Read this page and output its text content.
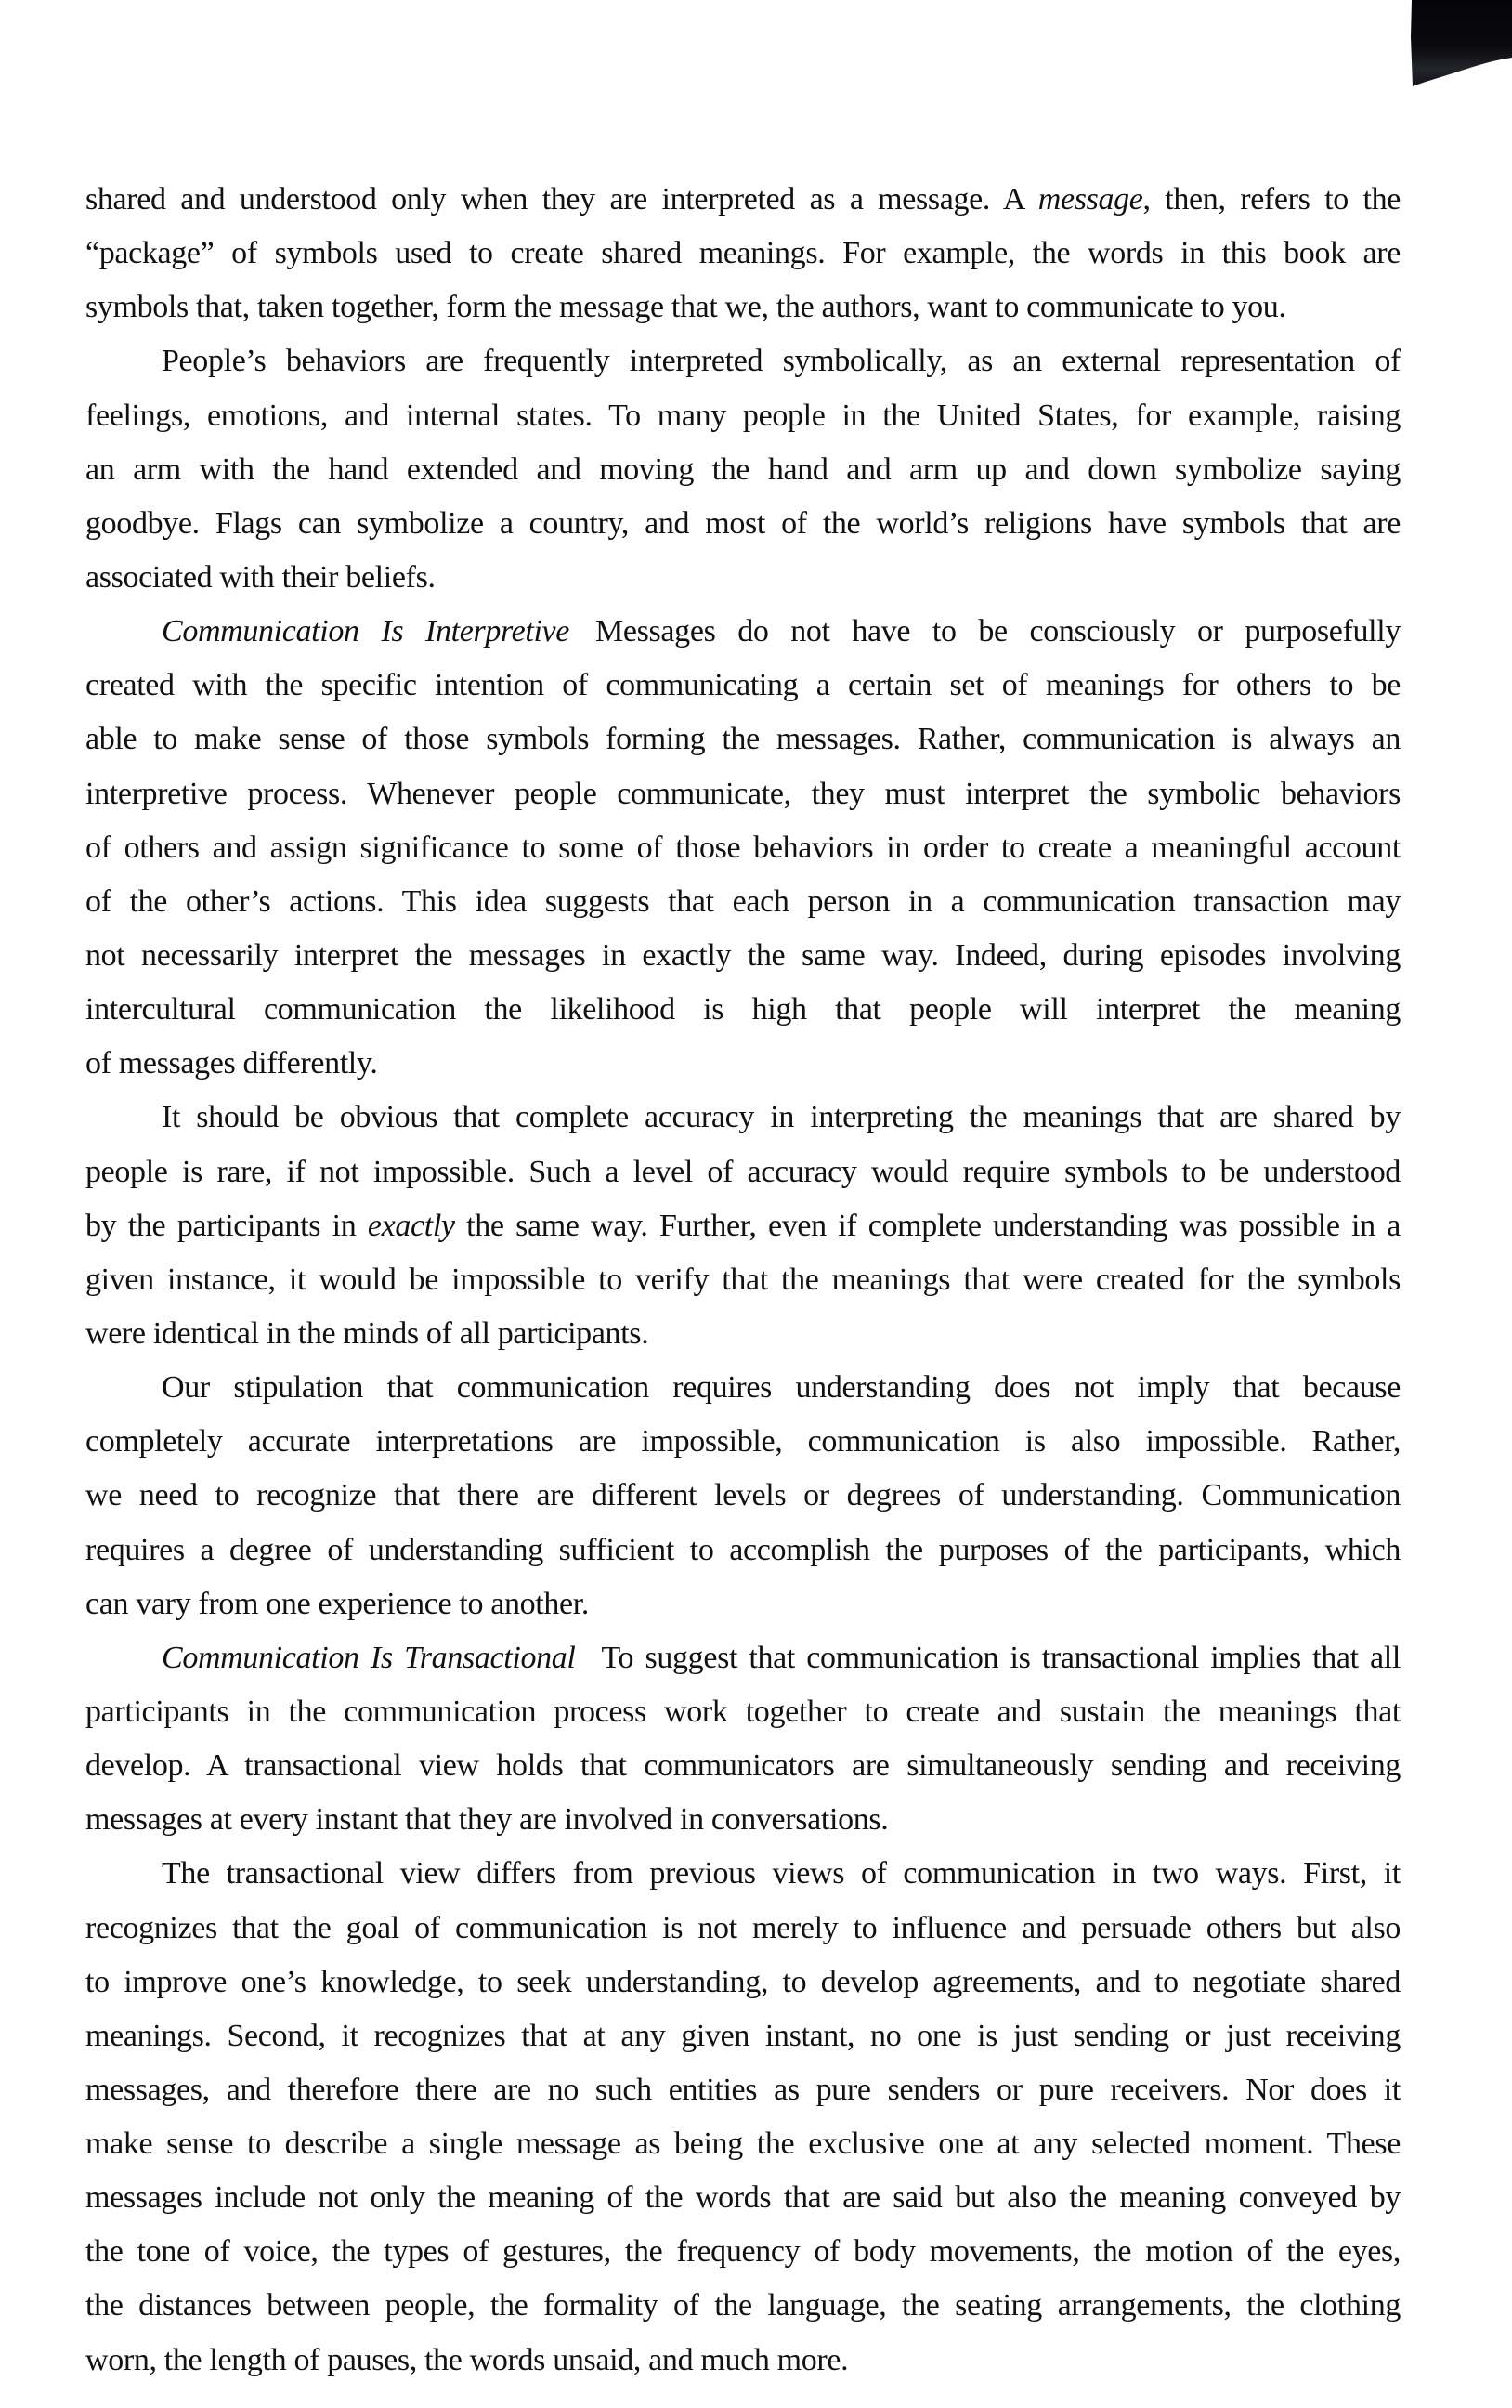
shared and understood only when they are interpreted as a message. A message, then, refers to the
“package” of symbols used to create shared meanings. For example, the words in this book are
symbols that, taken together, form the message that we, the authors, want to communicate to you.
People’s behaviors are frequently interpreted symbolically, as an external representation of
feelings, emotions, and internal states. To many people in the United States, for example, raising
an arm with the hand extended and moving the hand and arm up and down symbolize saying
goodbye. Flags can symbolize a country, and most of the world’s religions have symbols that are
associated with their beliefs.
Communication Is Interpretive Messages do not have to be consciously or purposefully
created with the specific intention of communicating a certain set of meanings for others to be
able to make sense of those symbols forming the messages. Rather, communication is always an
interpretive process. Whenever people communicate, they must interpret the symbolic behaviors
of others and assign significance to some of those behaviors in order to create a meaningful account
of the other’s actions. This idea suggests that each person in a communication transaction may
not necessarily interpret the messages in exactly the same way. Indeed, during episodes involving
intercultural communication the likelihood is high that people will interpret the meaning
of messages differently.
It should be obvious that complete accuracy in interpreting the meanings that are shared by
people is rare, if not impossible. Such a level of accuracy would require symbols to be understood
by the participants in exactly the same way. Further, even if complete understanding was possible in a
given instance, it would be impossible to verify that the meanings that were created for the symbols
were identical in the minds of all participants.
Our stipulation that communication requires understanding does not imply that because
completely accurate interpretations are impossible, communication is also impossible. Rather,
we need to recognize that there are different levels or degrees of understanding. Communication
requires a degree of understanding sufficient to accomplish the purposes of the participants, which
can vary from one experience to another.
Communication Is Transactional To suggest that communication is transactional implies that all
participants in the communication process work together to create and sustain the meanings that
develop. A transactional view holds that communicators are simultaneously sending and receiving
messages at every instant that they are involved in conversations.
The transactional view differs from previous views of communication in two ways. First, it
recognizes that the goal of communication is not merely to influence and persuade others but also
to improve one’s knowledge, to seek understanding, to develop agreements, and to negotiate shared
meanings. Second, it recognizes that at any given instant, no one is just sending or just receiving
messages, and therefore there are no such entities as pure senders or pure receivers. Nor does it
make sense to describe a single message as being the exclusive one at any selected moment. These
messages include not only the meaning of the words that are said but also the meaning conveyed by
the tone of voice, the types of gestures, the frequency of body movements, the motion of the eyes,
the distances between people, the formality of the language, the seating arrangements, the clothing
worn, the length of pauses, the words unsaid, and much more.
